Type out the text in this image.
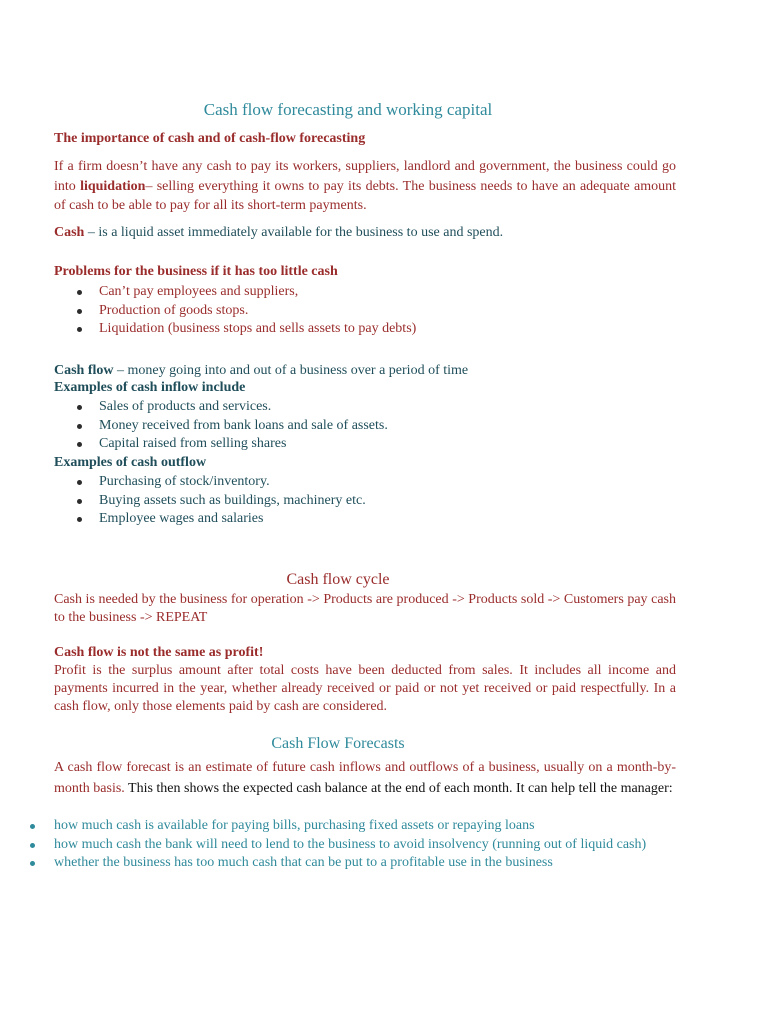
Cash flow forecasting and working capital
The importance of cash and of cash-flow forecasting

If a firm doesn’t have any cash to pay its workers, suppliers, landlord and government, the business could go into liquidation– selling everything it owns to pay its debts. The business needs to have an adequate amount of cash to be able to pay for all its short-term payments.

Cash – is a liquid asset immediately available for the business to use and spend.

Problems for the business if it has too little cash
Can’t pay employees and suppliers,
Production of goods stops.
Liquidation (business stops and sells assets to pay debts)

Cash flow – money going into and out of a business over a period of time

Examples of cash inflow include
Sales of products and services.
Money received from bank loans and sale of assets.
Capital raised from selling shares
Examples of cash outflow
Purchasing of stock/inventory.
Buying assets such as buildings, machinery etc.
Employee wages and salaries
Cash flow cycle

Cash is needed by the business for operation -> Products are produced -> Products sold -> Customers pay cash to the business -> REPEAT

Cash flow is not the same as profit!

Profit is the surplus amount after total costs have been deducted from sales. It includes all income and payments incurred in the year, whether already received or paid or not yet received or paid respectfully. In a cash flow, only those elements paid by cash are considered.

Cash Flow Forecasts

A cash flow forecast is an estimate of future cash inflows and outflows of a business, usually on a month-by-month basis. This then shows the expected cash balance at the end of each month. It can help tell the manager:

how much cash is available for paying bills, purchasing fixed assets or repaying loans
how much cash the bank will need to lend to the business to avoid insolvency (running out of liquid cash)
whether the business has too much cash that can be put to a profitable use in the business
